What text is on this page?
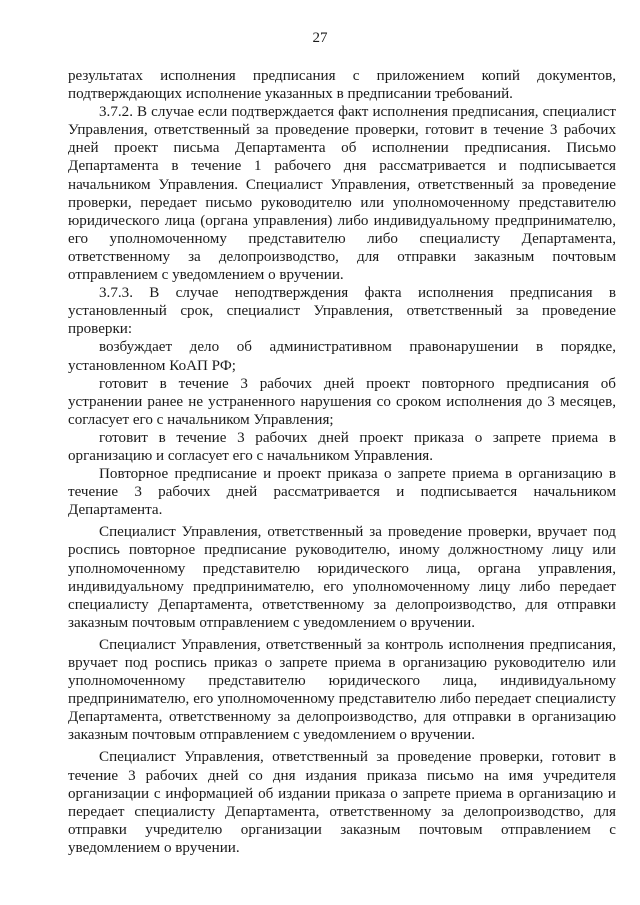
27

результатах исполнения предписания с приложением копий документов, подтверждающих исполнение указанных в предписании требований.

3.7.2. В случае если подтверждается факт исполнения предписания, специалист Управления, ответственный за проведение проверки, готовит в течение 3 рабочих дней проект письма Департамента об исполнении предписания. Письмо Департамента в течение 1 рабочего дня рассматривается и подписывается начальником Управления. Специалист Управления, ответственный за проведение проверки, передает письмо руководителю или уполномоченному представителю юридического лица (органа управления) либо индивидуальному предпринимателю, его уполномоченному представителю либо специалисту Департамента, ответственному за делопроизводство, для отправки заказным почтовым отправлением с уведомлением о вручении.

3.7.3. В случае неподтверждения факта исполнения предписания в установленный срок, специалист Управления, ответственный за проведение проверки:

возбуждает дело об административном правонарушении в порядке, установленном КоАП РФ;

готовит в течение 3 рабочих дней проект повторного предписания об устранении ранее не устраненного нарушения со сроком исполнения до 3 месяцев, согласует его с начальником Управления;

готовит в течение 3 рабочих дней проект приказа о запрете приема в организацию и согласует его с начальником Управления.

Повторное предписание и проект приказа о запрете приема в организацию в течение 3 рабочих дней рассматривается и подписывается начальником Департамента.

Специалист Управления, ответственный за проведение проверки, вручает под роспись повторное предписание руководителю, иному должностному лицу или уполномоченному представителю юридического лица, органа управления, индивидуальному предпринимателю, его уполномоченному лицу либо передает специалисту Департамента, ответственному за делопроизводство, для отправки заказным почтовым отправлением с уведомлением о вручении.

Специалист Управления, ответственный за контроль исполнения предписания, вручает под роспись приказ о запрете приема в организацию руководителю или уполномоченному представителю юридического лица, индивидуальному предпринимателю, его уполномоченному представителю либо передает специалисту Департамента, ответственному за делопроизводство, для отправки в организацию заказным почтовым отправлением с уведомлением о вручении.

Специалист Управления, ответственный за проведение проверки, готовит в течение 3 рабочих дней со дня издания приказа письмо на имя учредителя организации с информацией об издании приказа о запрете приема в организацию и передает специалисту Департамента, ответственному за делопроизводство, для отправки учредителю организации заказным почтовым отправлением с уведомлением о вручении.
